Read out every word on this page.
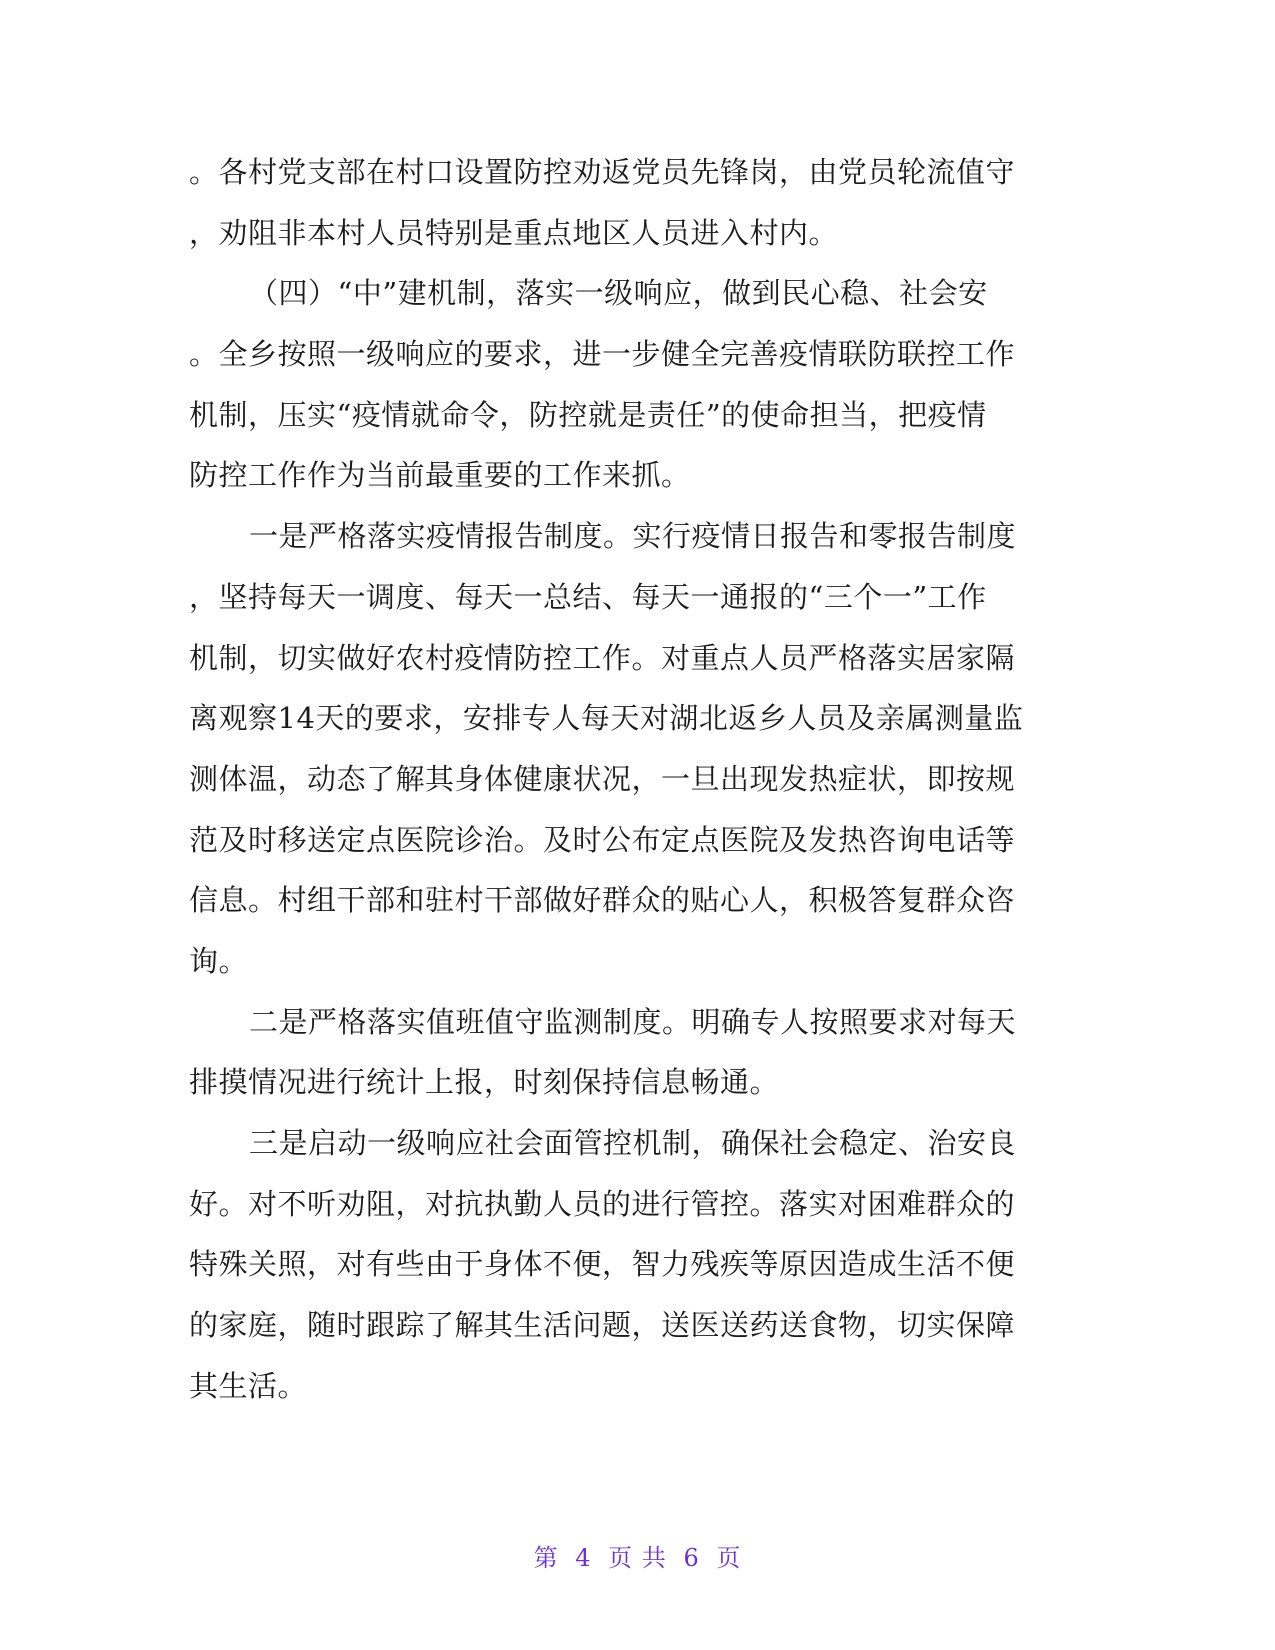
。各村党支部在村口设置防控劝返党员先锋岗，由党员轮流值守
，劝阻非本村人员特别是重点地区人员进入村内。
（四）“中”建机制，落实一级响应，做到民心稳、社会安
。全乡按照一级响应的要求，进一步健全完善疫情联防联控工作
机制，压实“疫情就命令，防控就是责任”的使命担当，把疫情
防控工作作为当前最重要的工作来抓。
一是严格落实疫情报告制度。实行疫情日报告和零报告制度
，坚持每天一调度、每天一总结、每天一通报的“三个一”工作
机制，切实做好农村疫情防控工作。对重点人员严格落实居家隔
离观察14天的要求，安排专人每天对湖北返乡人员及亲属测量监
测体温，动态了解其身体健康状况，一旦出现发热症状，即按规
范及时移送定点医院诊治。及时公布定点医院及发热咨询电话等
信息。村组干部和驻村干部做好群众的贴心人，积极答复群众咨
询。
二是严格落实值班值守监测制度。明确专人按照要求对每天
排摸情况进行统计上报，时刻保持信息畅通。
三是启动一级响应社会面管控机制，确保社会稳定、治安良
好。对不听劝阻，对抗执勤人员的进行管控。落实对困难群众的
特殊关照，对有些由于身体不便，智力残疾等原因造成生活不便
的家庭，随时跟踪了解其生活问题，送医送药送食物，切实保障
其生活。
第 4 页 共 6 页
